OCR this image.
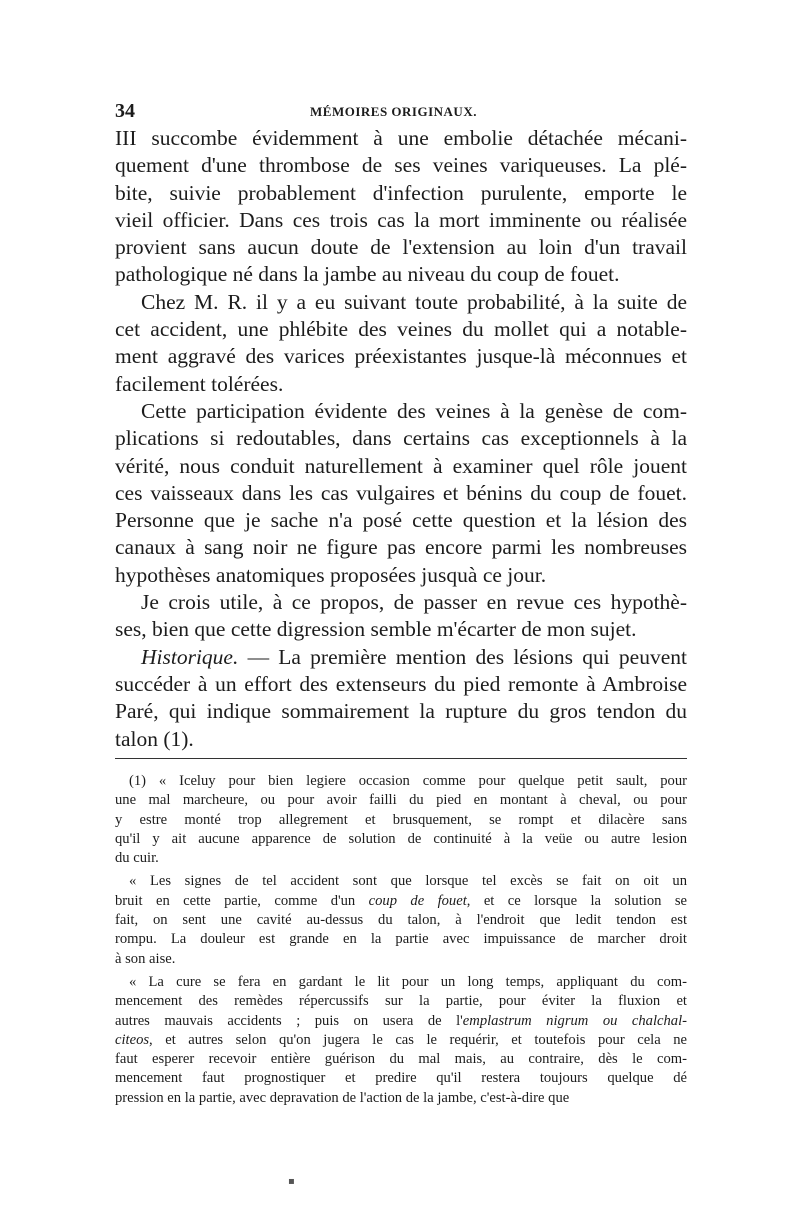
34	MÉMOIRES ORIGINAUX.

III succombe évidemment à une embolie détachée mécani-
quement d'une thrombose de ses veines variqueuses. La plé-
bite, suivie probablement d'infection purulente, emporte le
vieil officier. Dans ces trois cas la mort imminente ou réalisée
provient sans aucun doute de l'extension au loin d'un travail
pathologique né dans la jambe au niveau du coup de fouet.

Chez M. R. il y a eu suivant toute probabilité, à la suite de
cet accident, une phlébite des veines du mollet qui a notable-
ment aggravé des varices préexistantes jusque-là méconnues et
facilement tolérées.

Cette participation évidente des veines à la genèse de com-
plications si redoutables, dans certains cas exceptionnels à la
vérité, nous conduit naturellement à examiner quel rôle jouent
ces vaisseaux dans les cas vulgaires et bénins du coup de fouet.
Personne que je sache n'a posé cette question et la lésion des
canaux à sang noir ne figure pas encore parmi les nombreuses
hypothèses anatomiques proposées jusquà ce jour.

Je crois utile, à ce propos, de passer en revue ces hypothè-
ses, bien que cette digression semble m'écarter de mon sujet.

Historique. — La première mention des lésions qui peuvent
succéder à un effort des extenseurs du pied remonte à Ambroise
Paré, qui indique sommairement la rupture du gros tendon du
talon (1).

(1) « Iceluy pour bien legiere occasion comme pour quelque petit sault, pour
une mal marcheure, ou pour avoir failli du pied en montant à cheval, ou pour
y estre monté trop allegrement et brusquement, se rompt et dilacère sans
qu'il y ait aucune apparence de solution de continuité à la veüe ou autre lesion
du cuir.

« Les signes de tel accident sont que lorsque tel excès se fait on oit un
bruit en cette partie, comme d'un coup de fouet, et ce lorsque la solution se
fait, on sent une cavité au-dessus du talon, à l'endroit que ledit tendon est
rompu. La douleur est grande en la partie avec impuissance de marcher droit
à son aise.

« La cure se fera en gardant le lit pour un long temps, appliquant du com-
mencement des remèdes répercussifs sur la partie, pour éviter la fluxion et
autres mauvais accidents ; puis on usera de l'emplastrum nigrum ou chalchal-
citeos, et autres selon qu'on jugera le cas le requérir, et toutefois pour cela ne
faut esperer recevoir entière guérison du mal mais, au contraire, dès le com-
mencement faut prognostiquer et predire qu'il restera toujours quelque dé
pression en la partie, avec depravation de l'action de la jambe, c'est-à-dire que

▪
